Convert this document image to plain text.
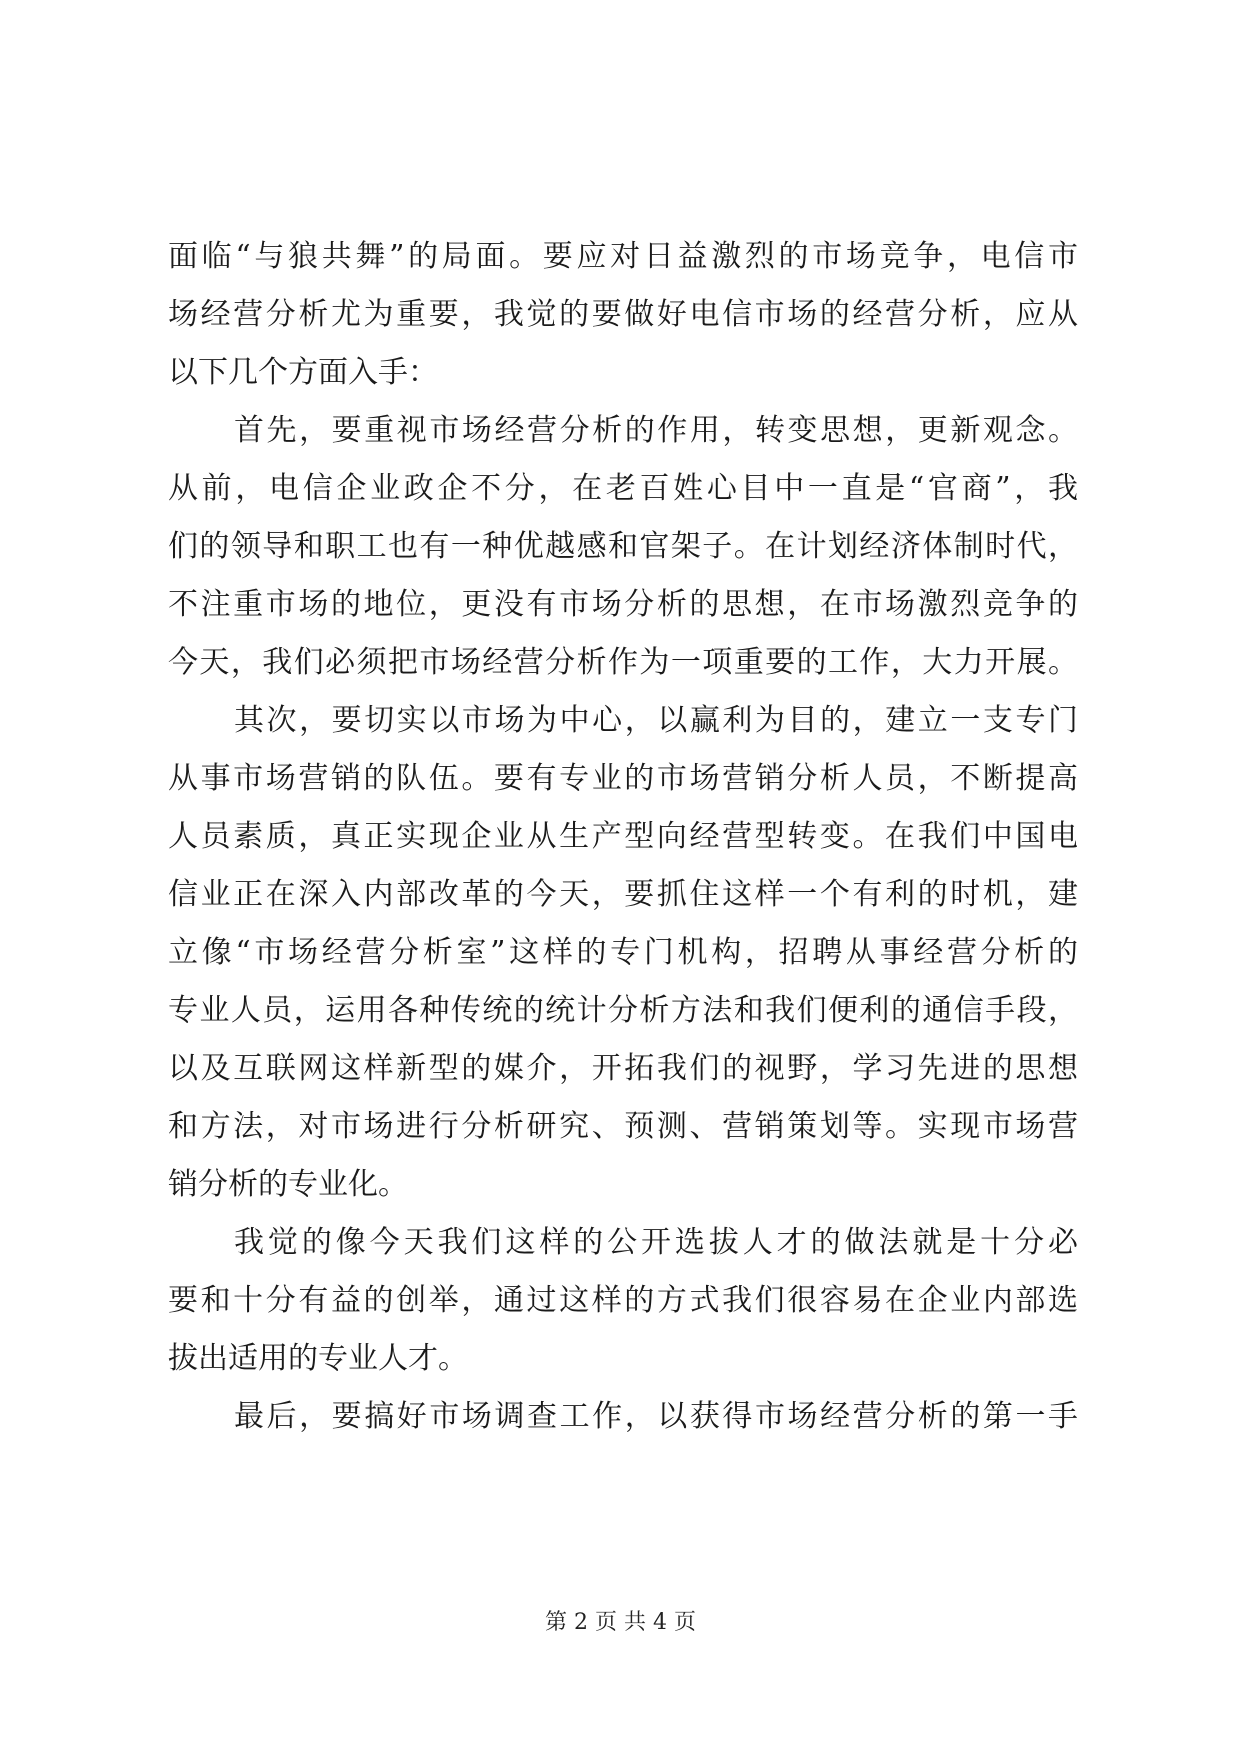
面临“与狼共舞”的局面。要应对日益激烈的市场竞争，电信市
场经营分析尤为重要，我觉的要做好电信市场的经营分析，应从
以下几个方面入手：
首先，要重视市场经营分析的作用，转变思想，更新观念。
从前，电信企业政企不分，在老百姓心目中一直是“官商”，我
们的领导和职工也有一种优越感和官架子。在计划经济体制时代，
不注重市场的地位，更没有市场分析的思想，在市场激烈竞争的
今天，我们必须把市场经营分析作为一项重要的工作，大力开展。
其次，要切实以市场为中心，以赢利为目的，建立一支专门
从事市场营销的队伍。要有专业的市场营销分析人员，不断提高
人员素质，真正实现企业从生产型向经营型转变。在我们中国电
信业正在深入内部改革的今天，要抓住这样一个有利的时机，建
立像“市场经营分析室”这样的专门机构，招聘从事经营分析的
专业人员，运用各种传统的统计分析方法和我们便利的通信手段，
以及互联网这样新型的媒介，开拓我们的视野，学习先进的思想
和方法，对市场进行分析研究、预测、营销策划等。实现市场营
销分析的专业化。
我觉的像今天我们这样的公开选拔人才的做法就是十分必
要和十分有益的创举，通过这样的方式我们很容易在企业内部选
拔出适用的专业人才。
最后，要搞好市场调查工作，以获得市场经营分析的第一手
第 2 页 共 4 页
